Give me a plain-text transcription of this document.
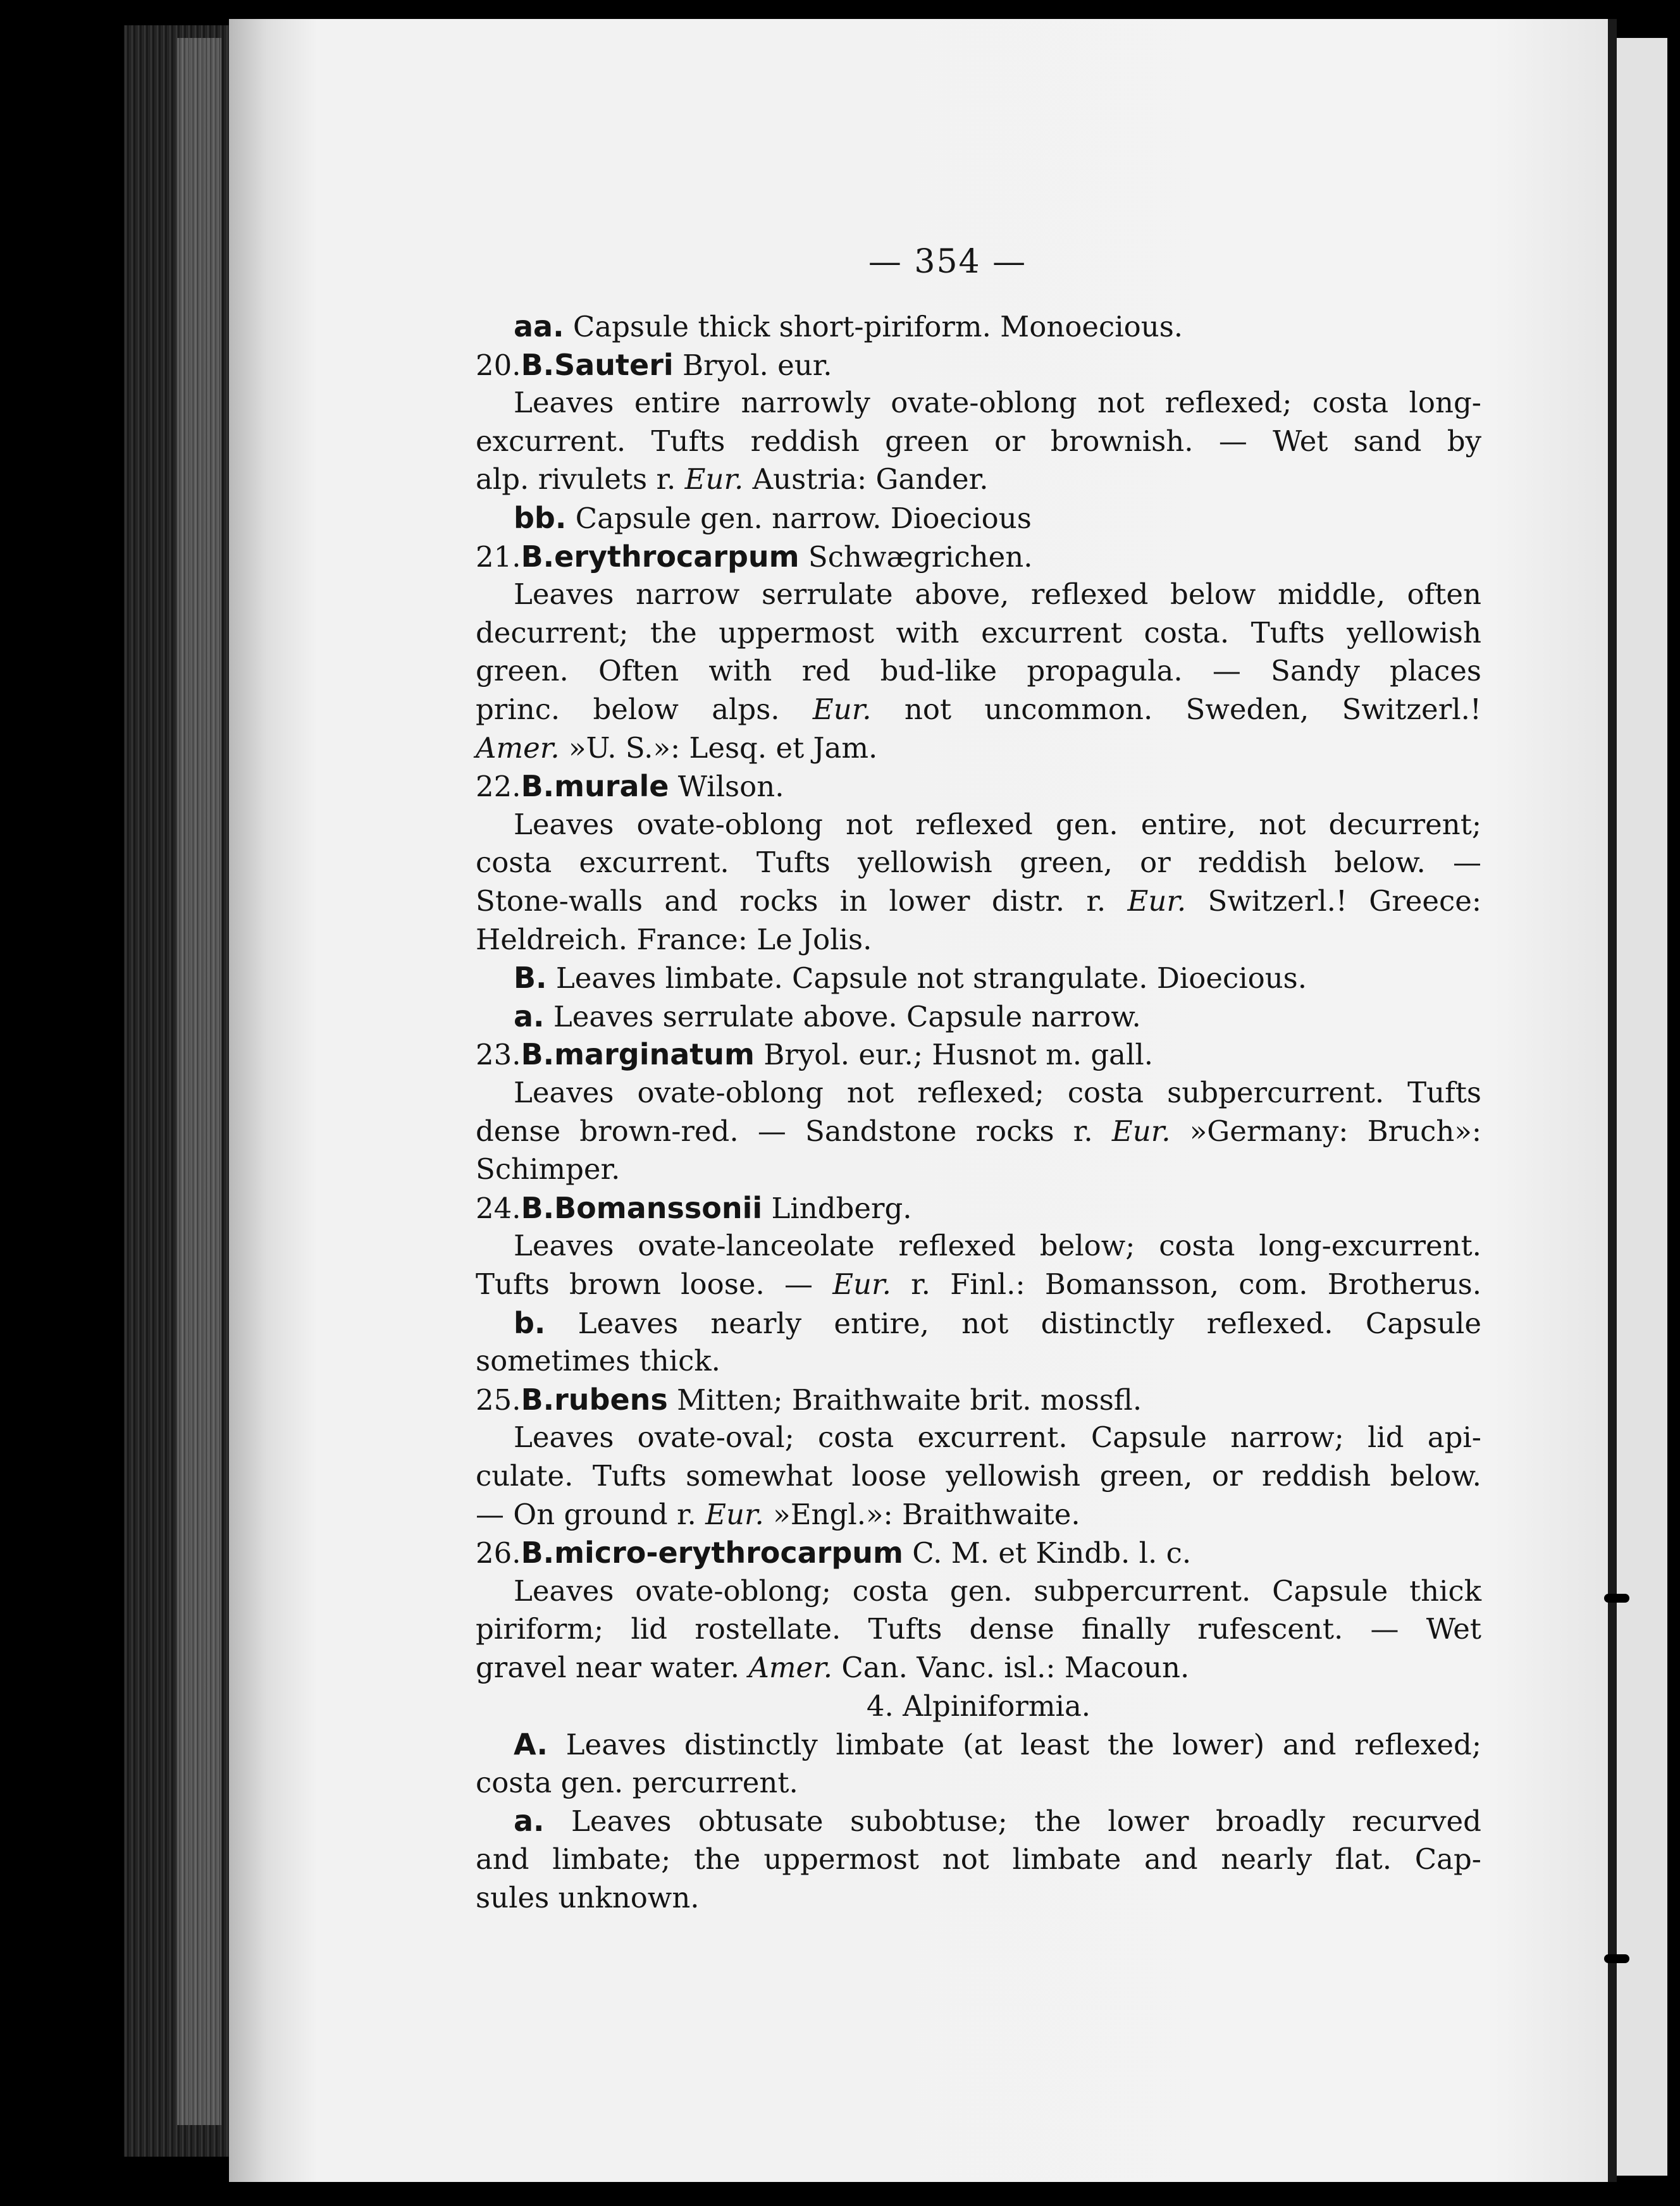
— 354 —
aa. Capsule thick short-piriform. Monoecious.
20.B.Sauteri Bryol. eur.
Leaves entire narrowly ovate-oblong not reflexed; costa long-
excurrent. Tufts reddish green or brownish. — Wet sand by
alp. rivulets r. Eur. Austria: Gander.
bb. Capsule gen. narrow. Dioecious
21.B.erythrocarpum Schwægrichen.
Leaves narrow serrulate above, reflexed below middle, often
decurrent; the uppermost with excurrent costa. Tufts yellowish
green. Often with red bud-like propagula. — Sandy places
princ. below alps. Eur. not uncommon. Sweden, Switzerl.!
Amer. »U. S.»: Lesq. et Jam.
22.B.murale Wilson.
Leaves ovate-oblong not reflexed gen. entire, not decurrent;
costa excurrent. Tufts yellowish green, or reddish below. —
Stone-walls and rocks in lower distr. r. Eur. Switzerl.! Greece:
Heldreich. France: Le Jolis.
B. Leaves limbate. Capsule not strangulate. Dioecious.
a. Leaves serrulate above. Capsule narrow.
23.B.marginatum Bryol. eur.; Husnot m. gall.
Leaves ovate-oblong not reflexed; costa subpercurrent. Tufts
dense brown-red. — Sandstone rocks r. Eur. »Germany: Bruch»:
Schimper.
24.B.Bomanssonii Lindberg.
Leaves ovate-lanceolate reflexed below; costa long-excurrent.
Tufts brown loose. — Eur. r. Finl.: Bomansson, com. Brotherus.
b. Leaves nearly entire, not distinctly reflexed. Capsule
sometimes thick.
25.B.rubens Mitten; Braithwaite brit. mossfl.
Leaves ovate-oval; costa excurrent. Capsule narrow; lid api-
culate. Tufts somewhat loose yellowish green, or reddish below.
— On ground r. Eur. »Engl.»: Braithwaite.
26.B.micro-erythrocarpum C. M. et Kindb. l. c.
Leaves ovate-oblong; costa gen. subpercurrent. Capsule thick
piriform; lid rostellate. Tufts dense finally rufescent. — Wet
gravel near water. Amer. Can. Vanc. isl.: Macoun.
4. Alpiniformia.
A. Leaves distinctly limbate (at least the lower) and reflexed;
costa gen. percurrent.
a. Leaves obtusate subobtuse; the lower broadly recurved
and limbate; the uppermost not limbate and nearly flat. Cap-
sules unknown.
